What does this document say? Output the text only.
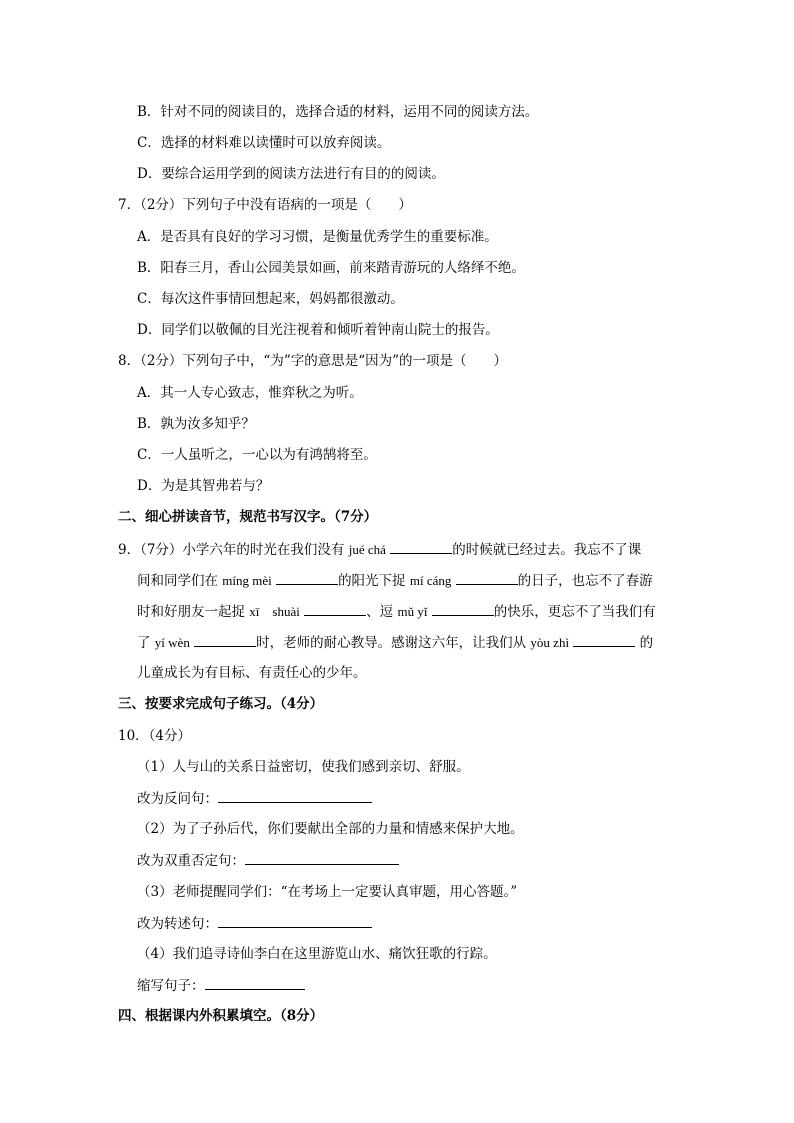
B．针对不同的阅读目的，选择合适的材料，运用不同的阅读方法。
C．选择的材料难以读懂时可以放弃阅读。
D．要综合运用学到的阅读方法进行有目的的阅读。
7．（2分）下列句子中没有语病的一项是（　　）
A．是否具有良好的学习习惯，是衡量优秀学生的重要标准。
B．阳春三月，香山公园美景如画，前来踏青游玩的人络绎不绝。
C．每次这件事情回想起来，妈妈都很激动。
D．同学们以敬佩的目光注视着和倾听着钟南山院士的报告。
8．（2分）下列句子中，“为”字的意思是“因为”的一项是（　　）
A．其一人专心致志，惟弈秋之为听。
B．孰为汝多知乎？
C．一人虽听之，一心以为有鸿鹄将至。
D．为是其智弗若与？
二、细心拼读音节，规范书写汉字。（7分）
9．（7分）小学六年的时光在我们没有 jué chá	的时候就已经过去。我忘不了课
间和同学们在 míng mèi	的阳光下捉 mí cáng	的日子，也忘不了春游
时和好朋友一起捉 xī　shuài	、逗 mǔ yǐ	的快乐，更忘不了当我们有
了 yí wèn	时，老师的耐心教导。感谢这六年，让我们从 yòu zhì	的
儿童成长为有目标、有责任心的少年。
三、按要求完成句子练习。（4分）
10．（4分）
（1）人与山的关系日益密切，使我们感到亲切、舒服。
改为反问句：
（2）为了子孙后代，你们要献出全部的力量和情感来保护大地。
改为双重否定句：
（3）老师提醒同学们：“在考场上一定要认真审题，用心答题。”
改为转述句：
（4）我们追寻诗仙李白在这里游览山水、痛饮狂歌的行踪。
缩写句子：
四、根据课内外积累填空。（8分）
